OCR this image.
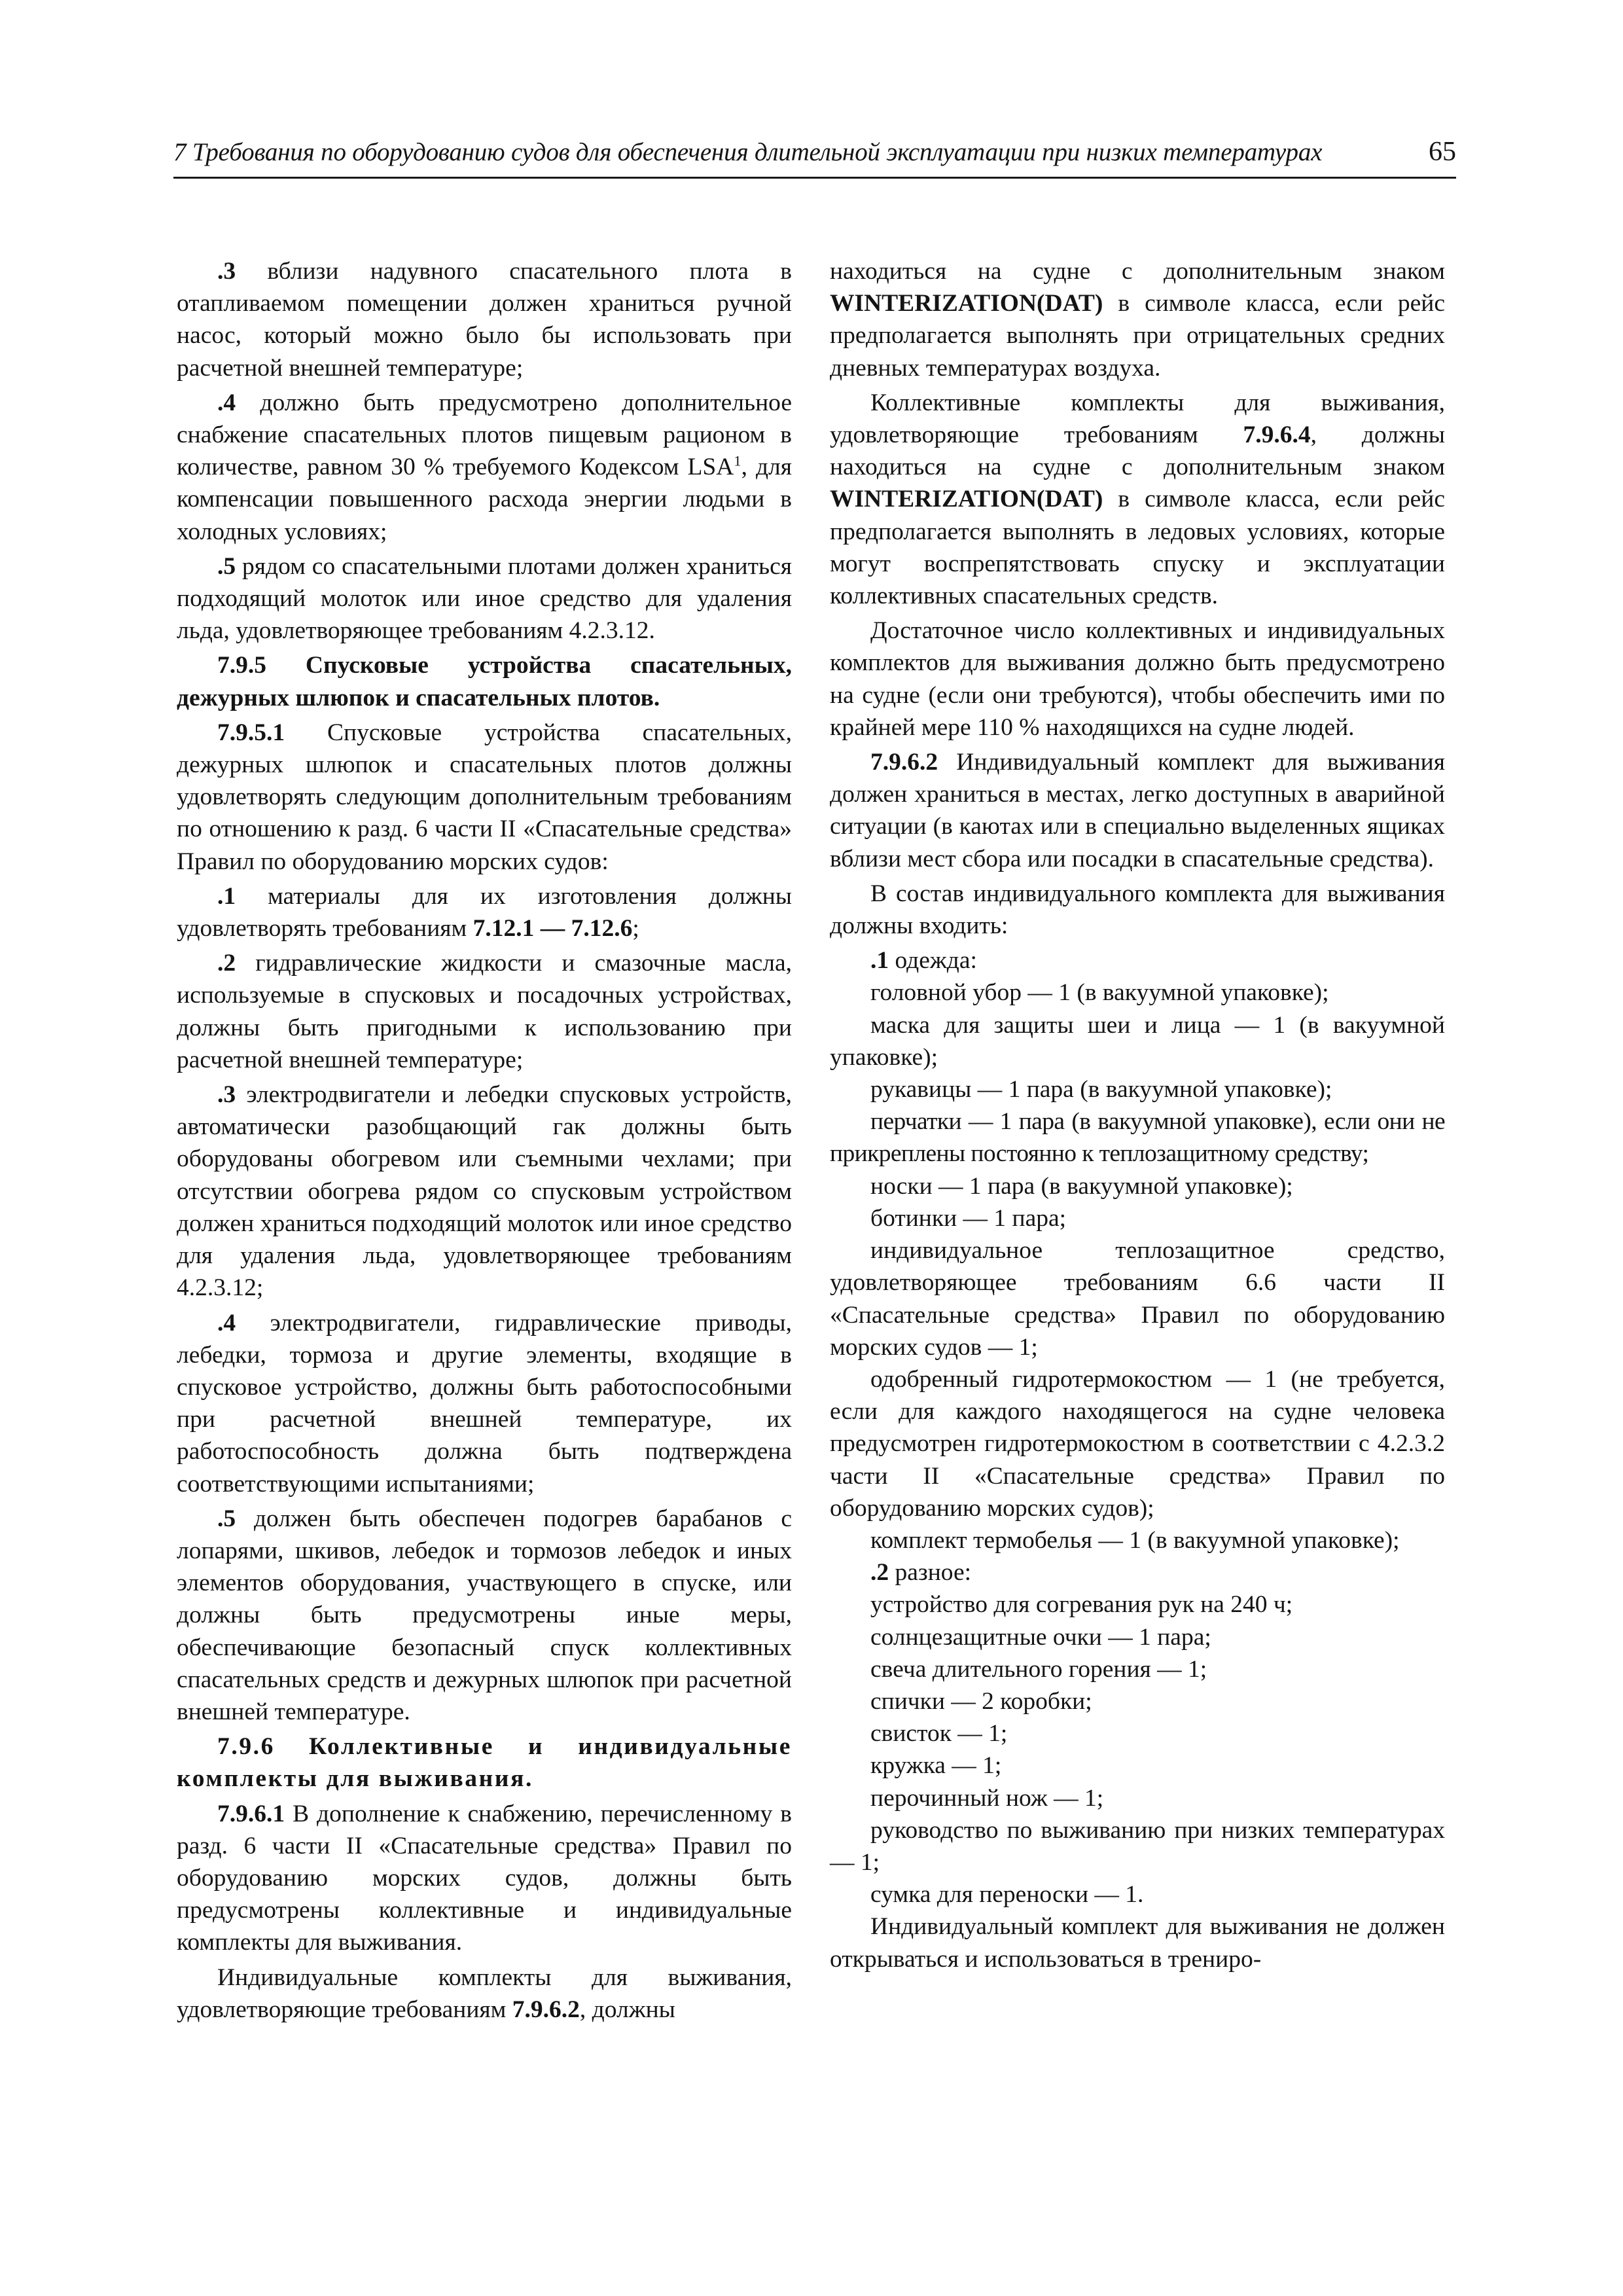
7 Требования по оборудованию судов для обеспечения длительной эксплуатации при низких температурах	65

.3 вблизи надувного спасательного плота в отапливаемом помещении должен храниться ручной насос, который можно было бы использовать при расчетной внешней температуре;

.4 должно быть предусмотрено дополнительное снабжение спасательных плотов пищевым рационом в количестве, равном 30 % требуемого Кодексом LSA$^1$, для компенсации повышенного расхода энергии людьми в холодных условиях;

.5 рядом со спасательными плотами должен храниться подходящий молоток или иное средство для удаления льда, удовлетворяющее требованиям 4.2.3.12.

7.9.5 Спусковые устройства спасательных, дежурных шлюпок и спасательных плотов.

7.9.5.1 Спусковые устройства спасательных, дежурных шлюпок и спасательных плотов должны удовлетворять следующим дополнительным требованиям по отношению к разд. 6 части II «Спасательные средства» Правил по оборудованию морских судов:

.1 материалы для их изготовления должны удовлетворять требованиям 7.12.1 — 7.12.6;

.2 гидравлические жидкости и смазочные масла, используемые в спусковых и посадочных устройствах, должны быть пригодными к использованию при расчетной внешней температуре;

.3 электродвигатели и лебедки спусковых устройств, автоматически разобщающий гак должны быть оборудованы обогревом или съемными чехлами; при отсутствии обогрева рядом со спусковым устройством должен храниться подходящий молоток или иное средство для удаления льда, удовлетворяющее требованиям 4.2.3.12;

.4 электродвигатели, гидравлические приводы, лебедки, тормоза и другие элементы, входящие в спусковое устройство, должны быть работоспособными при расчетной внешней температуре, их работоспособность должна быть подтверждена соответствующими испытаниями;

.5 должен быть обеспечен подогрев барабанов с лопарями, шкивов, лебедок и тормозов лебедок и иных элементов оборудования, участвующего в спуске, или должны быть предусмотрены иные меры, обеспечивающие безопасный спуск коллективных спасательных средств и дежурных шлюпок при расчетной внешней температуре.

7.9.6 Коллективные и индивидуальные комплекты для выживания.

7.9.6.1 В дополнение к снабжению, перечисленному в разд. 6 части II «Спасательные средства» Правил по оборудованию морских судов, должны быть предусмотрены коллективные и индивидуальные комплекты для выживания.

Индивидуальные комплекты для выживания, удовлетворяющие требованиям 7.9.6.2, должны

находиться на судне с дополнительным знаком WINTERIZATION(DAT) в символе класса, если рейс предполагается выполнять при отрицательных средних дневных температурах воздуха.

Коллективные комплекты для выживания, удовлетворяющие требованиям 7.9.6.4, должны находиться на судне с дополнительным знаком WINTERIZATION(DAT) в символе класса, если рейс предполагается выполнять в ледовых условиях, которые могут воспрепятствовать спуску и эксплуатации коллективных спасательных средств.

Достаточное число коллективных и индивидуальных комплектов для выживания должно быть предусмотрено на судне (если они требуются), чтобы обеспечить ими по крайней мере 110 % находящихся на судне людей.

7.9.6.2 Индивидуальный комплект для выживания должен храниться в местах, легко доступных в аварийной ситуации (в каютах или в специально выделенных ящиках вблизи мест сбора или посадки в спасательные средства).

В состав индивидуального комплекта для выживания должны входить:

.1 одежда:

головной убор — 1 (в вакуумной упаковке);

маска для защиты шеи и лица — 1 (в вакуумной упаковке);

рукавицы — 1 пара (в вакуумной упаковке);

перчатки — 1 пара (в вакуумной упаковке), если они не прикреплены постоянно к теплозащитному средству;

носки — 1 пара (в вакуумной упаковке);

ботинки — 1 пара;

индивидуальное теплозащитное средство, удовлетворяющее требованиям 6.6 части II «Спасательные средства» Правил по оборудованию морских судов — 1;

одобренный гидротермокостюм — 1 (не требуется, если для каждого находящегося на судне человека предусмотрен гидротермокостюм в соответствии с 4.2.3.2 части II «Спасательные средства» Правил по оборудованию морских судов);

комплект термобелья — 1 (в вакуумной упаковке);

.2 разное:

устройство для согревания рук на 240 ч;

солнцезащитные очки — 1 пара;

свеча длительного горения — 1;

спички — 2 коробки;

свисток — 1;

кружка — 1;

перочинный нож — 1;

руководство по выживанию при низких температурах — 1;

сумка для переноски — 1.

Индивидуальный комплект для выживания не должен открываться и использоваться в трениро-
